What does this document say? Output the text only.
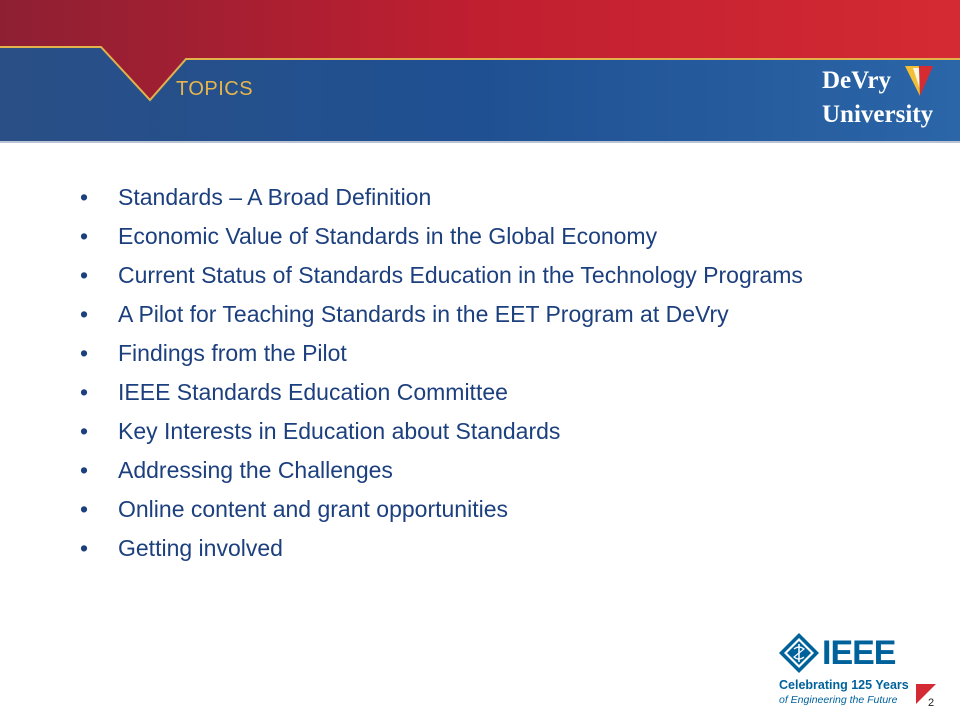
TOPICS	DeVry
University
• Standards – A Broad Definition
• Economic Value of Standards in the Global Economy
• Current Status of Standards Education in the Technology Programs
• A Pilot for Teaching Standards in the EET Program at DeVry
• Findings from the Pilot
• IEEE Standards Education Committee
• Key Interests in Education about Standards
• Addressing the Challenges
• Online content and grant opportunities
• Getting involved
IEEE
Celebrating 125 Years
of Engineering the Future	2
